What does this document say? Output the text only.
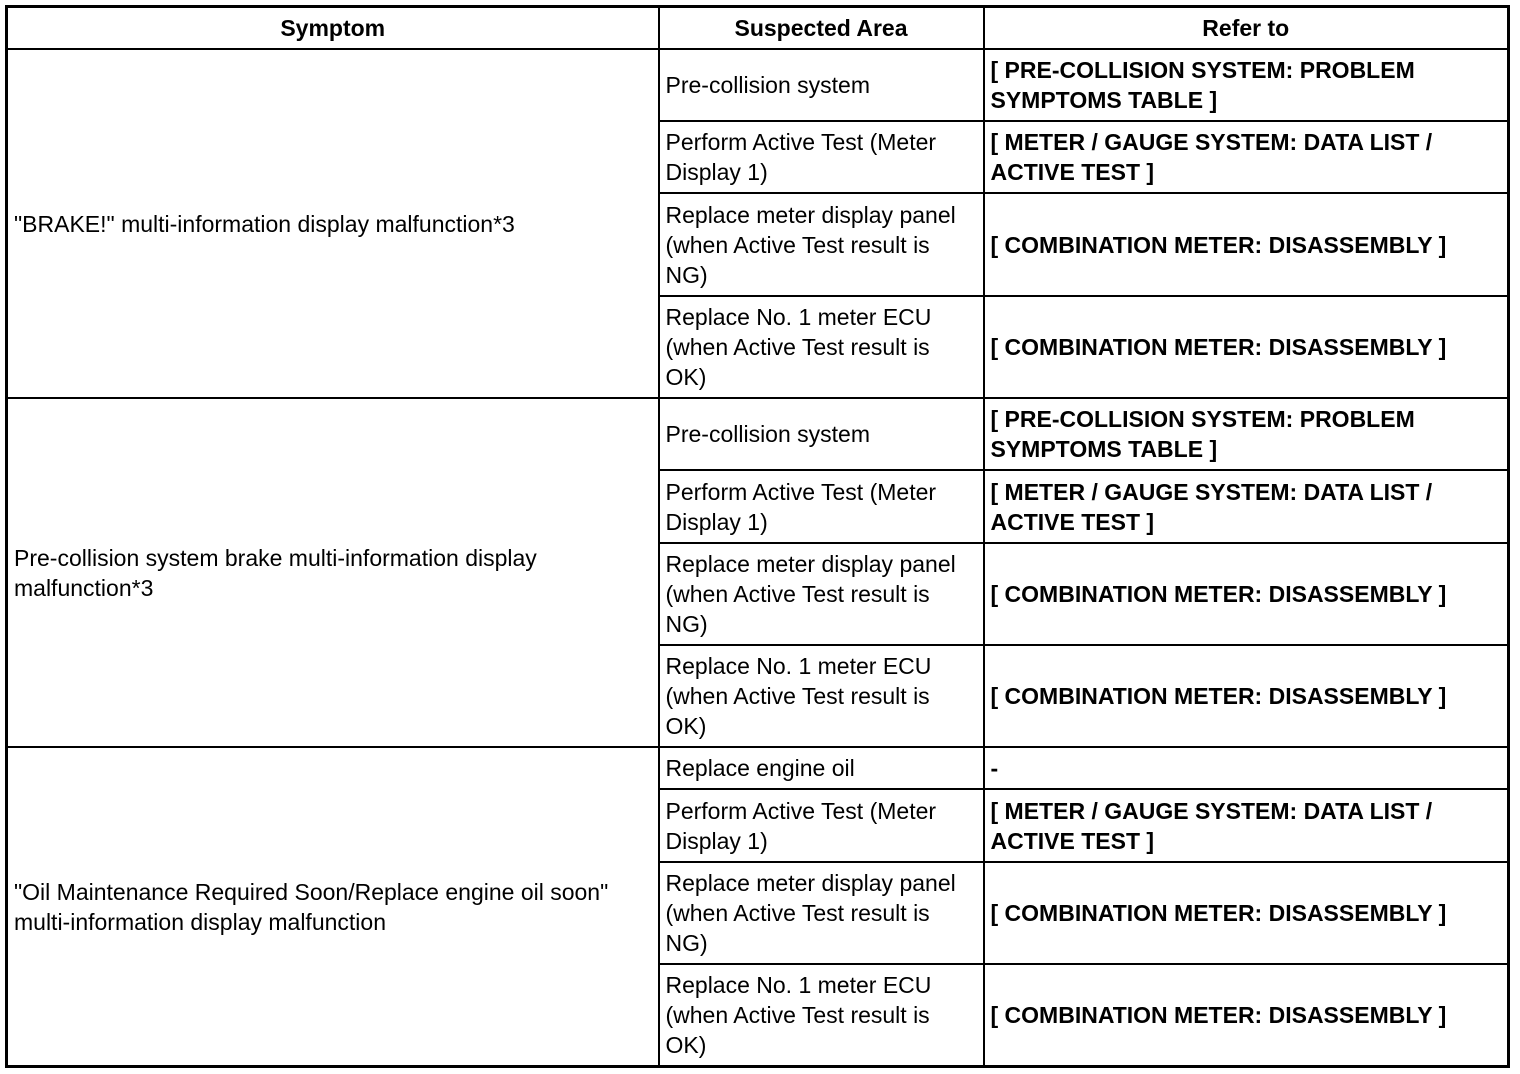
Symptom	Suspected Area	Refer to
"BRAKE!" multi-information display malfunction*3	Pre-collision system	[ PRE-COLLISION SYSTEM: PROBLEM SYMPTOMS TABLE ]
	Perform Active Test (Meter Display 1)	[ METER / GAUGE SYSTEM: DATA LIST / ACTIVE TEST ]
	Replace meter display panel (when Active Test result is NG)	[ COMBINATION METER: DISASSEMBLY ]
	Replace No. 1 meter ECU (when Active Test result is OK)	[ COMBINATION METER: DISASSEMBLY ]
Pre-collision system brake multi-information display malfunction*3	Pre-collision system	[ PRE-COLLISION SYSTEM: PROBLEM SYMPTOMS TABLE ]
	Perform Active Test (Meter Display 1)	[ METER / GAUGE SYSTEM: DATA LIST / ACTIVE TEST ]
	Replace meter display panel (when Active Test result is NG)	[ COMBINATION METER: DISASSEMBLY ]
	Replace No. 1 meter ECU (when Active Test result is OK)	[ COMBINATION METER: DISASSEMBLY ]
"Oil Maintenance Required Soon/Replace engine oil soon" multi-information display malfunction	Replace engine oil	-
	Perform Active Test (Meter Display 1)	[ METER / GAUGE SYSTEM: DATA LIST / ACTIVE TEST ]
	Replace meter display panel (when Active Test result is NG)	[ COMBINATION METER: DISASSEMBLY ]
	Replace No. 1 meter ECU (when Active Test result is OK)	[ COMBINATION METER: DISASSEMBLY ]
